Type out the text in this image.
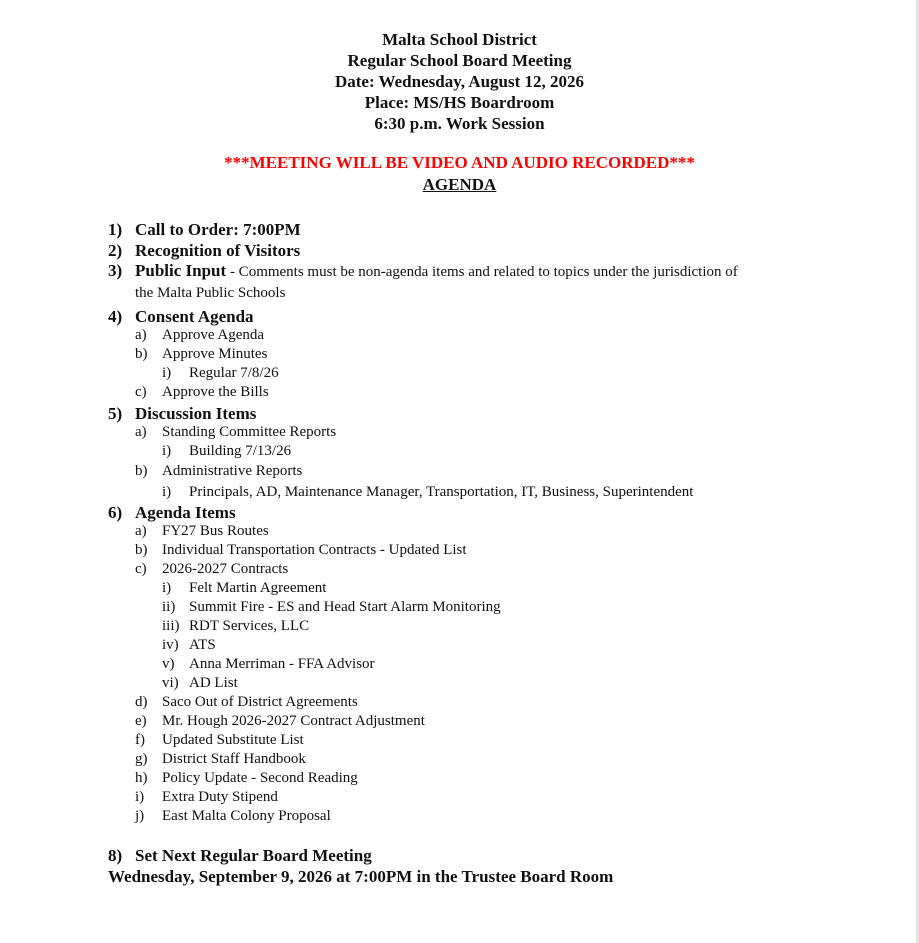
Malta School District
Regular School Board Meeting
Date: Wednesday, August 12, 2026
Place: MS/HS Boardroom
6:30 p.m. Work Session
***MEETING WILL BE VIDEO AND AUDIO RECORDED***
AGENDA
1) Call to Order: 7:00PM
2) Recognition of Visitors
3) Public Input - Comments must be non-agenda items and related to topics under the jurisdiction of
the Malta Public Schools
4) Consent Agenda
a) Approve Agenda
b) Approve Minutes
i) Regular 7/8/26
c) Approve the Bills
5) Discussion Items
a) Standing Committee Reports
i) Building 7/13/26
b) Administrative Reports
i) Principals, AD, Maintenance Manager, Transportation, IT, Business, Superintendent
6) Agenda Items
a) FY27 Bus Routes
b) Individual Transportation Contracts - Updated List
c) 2026-2027 Contracts
i) Felt Martin Agreement
ii) Summit Fire - ES and Head Start Alarm Monitoring
iii) RDT Services, LLC
iv) ATS
v) Anna Merriman - FFA Advisor
vi) AD List
d) Saco Out of District Agreements
e) Mr. Hough 2026-2027 Contract Adjustment
f) Updated Substitute List
g) District Staff Handbook
h) Policy Update - Second Reading
i) Extra Duty Stipend
j) East Malta Colony Proposal
8) Set Next Regular Board Meeting
Wednesday, September 9, 2026 at 7:00PM in the Trustee Board Room
